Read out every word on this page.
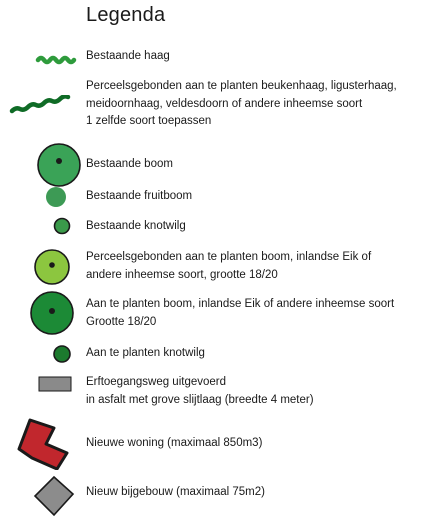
Legenda
Bestaande haag
Perceelsgebonden aan te planten beukenhaag, ligusterhaag,
meidoornhaag, veldesdoorn of andere inheemse soort
1 zelfde soort toepassen
Bestaande boom
Bestaande fruitboom
Bestaande knotwilg
Perceelsgebonden aan te planten boom, inlandse Eik of
andere inheemse soort, grootte 18/20
Aan te planten boom, inlandse Eik of andere inheemse soort
Grootte 18/20
Aan te planten knotwilg
Erftoegangsweg uitgevoerd
in asfalt met grove slijtlaag (breedte 4 meter)
Nieuwe woning (maximaal 850m3)
Nieuw bijgebouw (maximaal 75m2)
